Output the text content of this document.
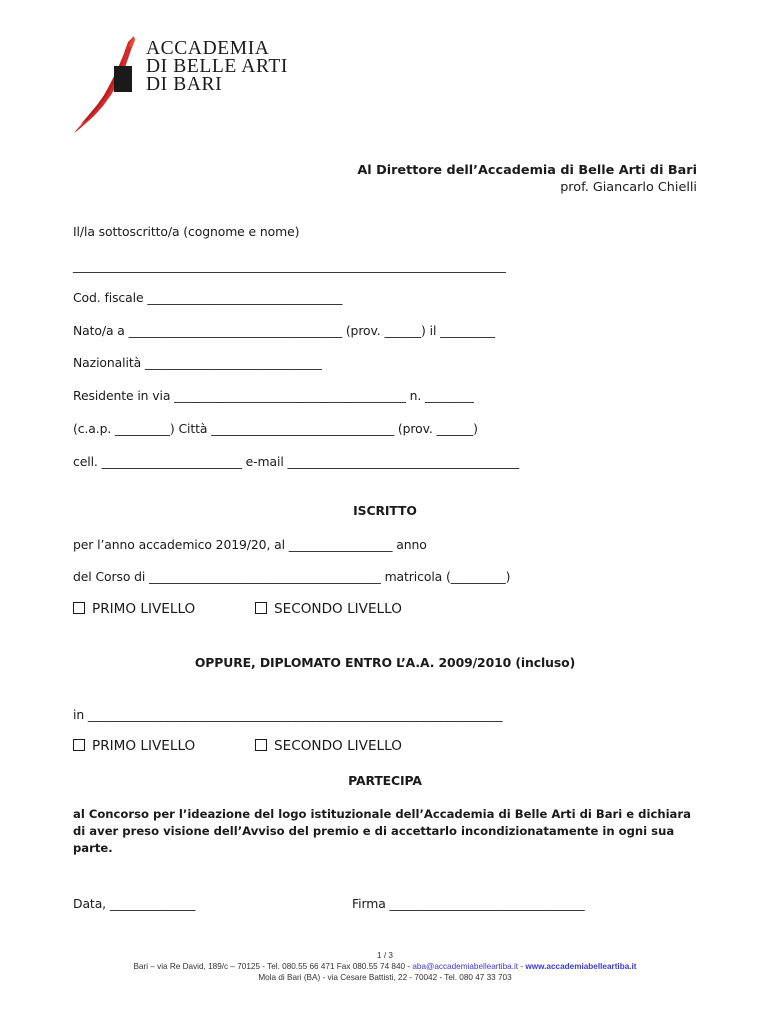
ACCADEMIA
DI BELLE ARTI
DI BARI
Al Direttore dell’Accademia di Belle Arti di Bari
prof. Giancarlo Chielli
Il/la sottoscritto/a (cognome e nome)
_______________________________________________________________________
Cod. fiscale ________________________________
Nato/a a ___________________________________ (prov. ______) il _________
Nazionalità _____________________________
Residente in via ______________________________________ n. ________
(c.a.p. _________) Città ______________________________ (prov. ______)
cell. _______________________ e-mail ______________________________________
ISCRITTO
per l’anno accademico 2019/20, al _________________ anno
del Corso di ______________________________________ matricola (_________)
PRIMO LIVELLO	SECONDO LIVELLO
OPPURE, DIPLOMATO ENTRO L’A.A. 2009/2010 (incluso)
in ____________________________________________________________________
PRIMO LIVELLO	SECONDO LIVELLO
PARTECIPA
al Concorso per l’ideazione del logo istituzionale dell’Accademia di Belle Arti di Bari e dichiara di aver preso visione dell’Avviso del premio e di accettarlo incondizionatamente in ogni sua parte.
Data, ______________	Firma ________________________________
1 / 3
Bari – via Re David, 189/c – 70125 - Tel. 080.55 66 471 Fax 080.55 74 840 - aba@accademiabelleartiba.it - www.accademiabelleartiba.it
Mola di Bari (BA) - via Cesare Battisti, 22 - 70042 - Tel. 080 47 33 703
